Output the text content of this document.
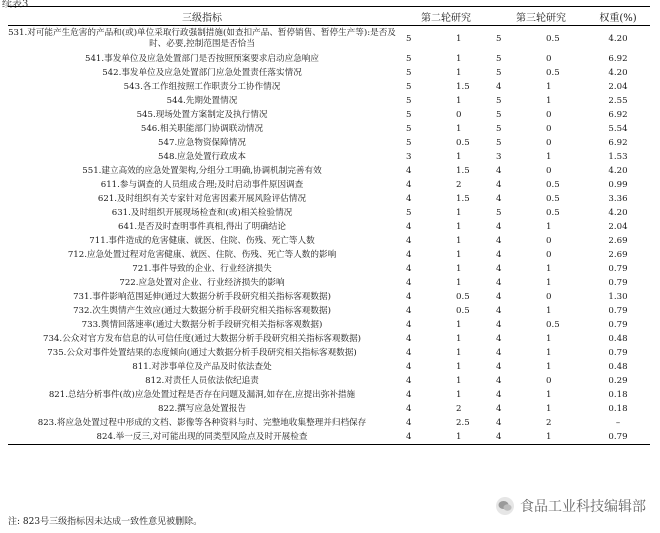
续表3
三级指标	第二轮研究		第三轮研究		权重(%)
531.对可能产生危害的产品和(或)单位采取行政强制措施(如查扣产品、暂停销售、暂停生产等):是否及时、必要,控制范围是否恰当	5	1	5	0.5	4.20
541.事发单位及应急处置部门是否按照预案要求启动应急响应	5	1	5	0	6.92
542.事发单位及应急处置部门应急处置责任落实情况	5	1	5	0.5	4.20
543.各工作组按照工作职责分工协作情况	5	1.5	4	1	2.04
544.先期处置情况	5	1	5	1	2.55
545.现场处置方案制定及执行情况	5	0	5	0	6.92
546.相关职能部门协调联动情况	5	1	5	0	5.54
547.应急物资保障情况	5	0.5	5	0	6.92
548.应急处置行政成本	3	1	3	1	1.53
551.建立高效的应急处置架构,分组分工明确,协调机制完善有效	4	1.5	4	0	4.20
611.参与调查的人员组成合理;及时启动事件原因调查	4	2	4	0.5	0.99
621.及时组织有关专家针对危害因素开展风险评估情况	4	1.5	4	0.5	3.36
631.及时组织开展现场检查和(或)相关检验情况	5	1	5	0.5	4.20
641.是否及时查明事件真相,得出了明确结论	4	1	4	1	2.04
711.事件造成的危害健康、就医、住院、伤残、死亡等人数	4	1	4	0	2.69
712.应急处置过程对危害健康、就医、住院、伤残、死亡等人数的影响	4	1	4	0	2.69
721.事件导致的企业、行业经济损失	4	1	4	1	0.79
722.应急处置对企业、行业经济损失的影响	4	1	4	1	0.79
731.事件影响范围延伸(通过大数据分析手段研究相关指标客观数据)	4	0.5	4	0	1.30
732.次生舆情产生效应(通过大数据分析手段研究相关指标客观数据)	4	0.5	4	1	0.79
733.舆情回落速率(通过大数据分析手段研究相关指标客观数据)	4	1	4	0.5	0.79
734.公众对官方发布信息的认可信任度(通过大数据分析手段研究相关指标客观数据)	4	1	4	1	0.48
735.公众对事件处置结果的态度倾向(通过大数据分析手段研究相关指标客观数据)	4	1	4	1	0.79
811.对涉事单位及产品及时依法查处	4	1	4	1	0.48
812.对责任人员依法依纪追责	4	1	4	0	0.29
821.总结分析事件(故)应急处置过程是否存在问题及漏洞,如存在,应提出弥补措施	4	1	4	1	0.18
822.撰写应急处置报告	4	2	4	1	0.18
823.将应急处置过程中形成的文档、影像等各种资料与时、完整地收集整理并归档保存	4	2.5	4	2	–
824.举一反三,对可能出现的同类型风险点及时开展检查	4	1	4	1	0.79
注: 823号三级指标因未达成一致性意见被删除。
食品工业科技编辑部
